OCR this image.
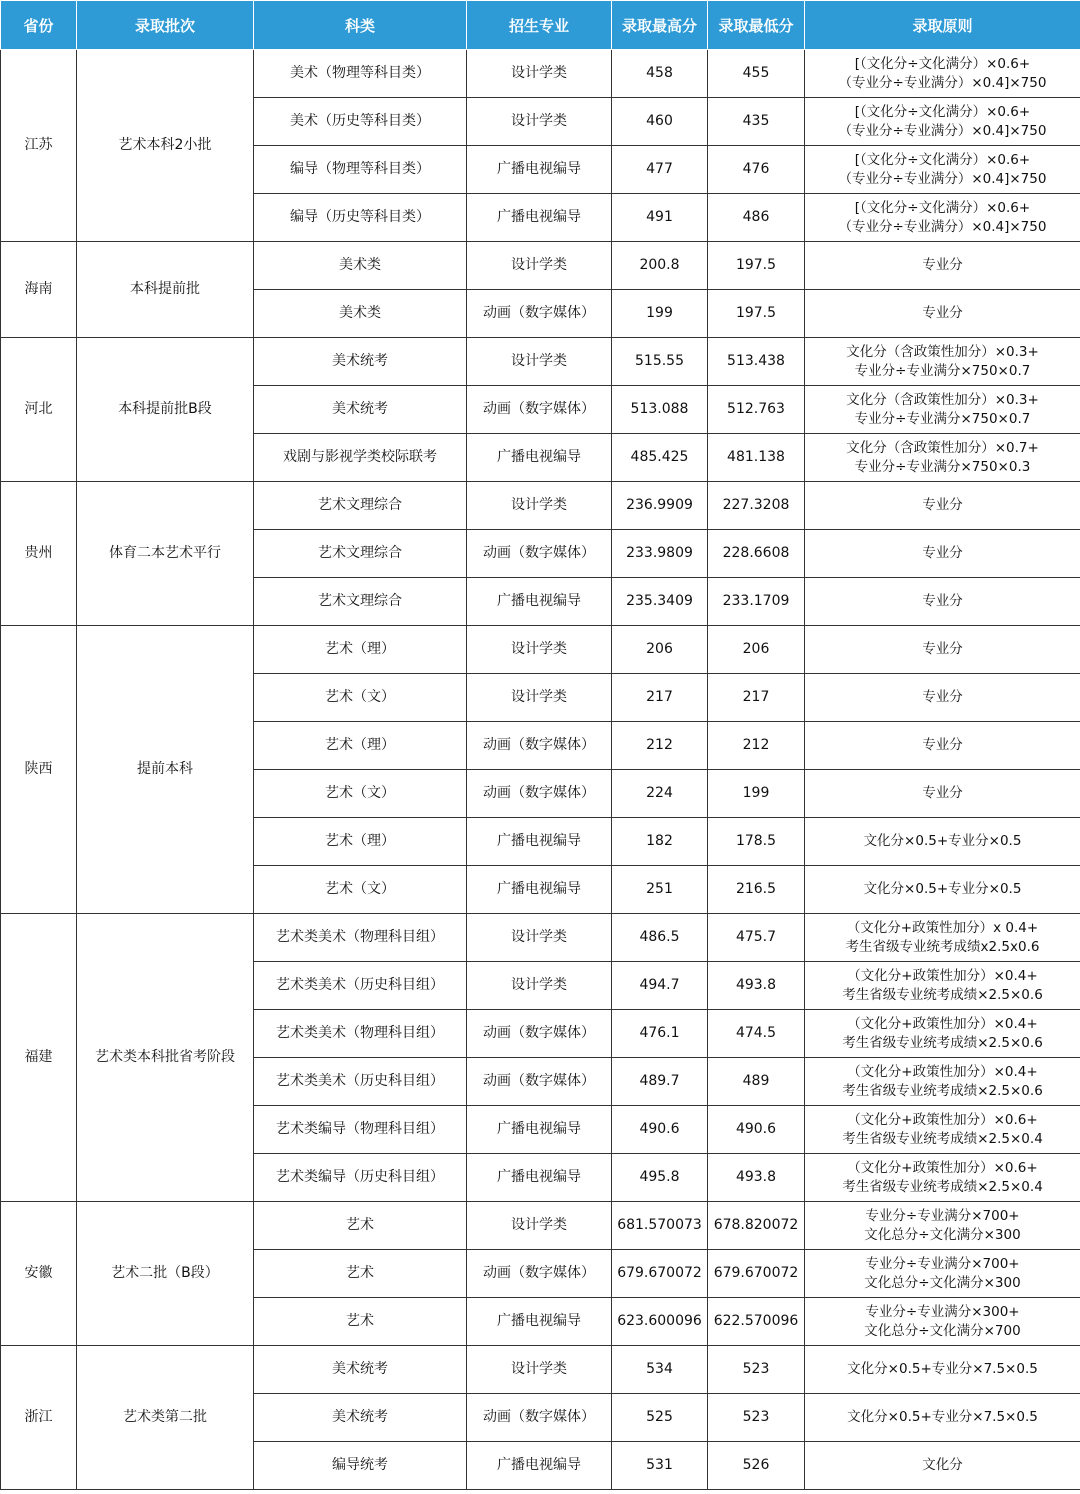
省份	录取批次	科类	招生专业	录取最高分	录取最低分	录取原则
江苏	艺术本科2小批	美术（物理等科目类）	设计学类	458	455	[（文化分÷文化满分）×0.6+
（专业分÷专业满分）×0.4]×750

		美术（历史等科目类）	设计学类	460	435	[（文化分÷文化满分）×0.6+
（专业分÷专业满分）×0.4]×750

		编导（物理等科目类）	广播电视编导	477	476	[（文化分÷文化满分）×0.6+
（专业分÷专业满分）×0.4]×750

		编导（历史等科目类）	广播电视编导	491	486	[（文化分÷文化满分）×0.6+
（专业分÷专业满分）×0.4]×750

海南	本科提前批	美术类	设计学类	200.8	197.5	专业分

		美术类	动画（数字媒体）	199	197.5	专业分

河北	本科提前批B段	美术统考	设计学类	515.55	513.438	文化分（含政策性加分）×0.3+
专业分÷专业满分×750×0.7

		美术统考	动画（数字媒体）	513.088	512.763	文化分（含政策性加分）×0.3+
专业分÷专业满分×750×0.7

		戏剧与影视学类校际联考	广播电视编导	485.425	481.138	文化分（含政策性加分）×0.7+
专业分÷专业满分×750×0.3

贵州	体育二本艺术平行	艺术文理综合	设计学类	236.9909	227.3208	专业分

		艺术文理综合	动画（数字媒体）	233.9809	228.6608	专业分

		艺术文理综合	广播电视编导	235.3409	233.1709	专业分

陕西	提前本科	艺术（理）	设计学类	206	206	专业分

		艺术（文）	设计学类	217	217	专业分

		艺术（理）	动画（数字媒体）	212	212	专业分

		艺术（文）	动画（数字媒体）	224	199	专业分

		艺术（理）	广播电视编导	182	178.5	文化分×0.5+专业分×0.5

		艺术（文）	广播电视编导	251	216.5	文化分×0.5+专业分×0.5

福建	艺术类本科批省考阶段	艺术类美术（物理科目组）	设计学类	486.5	475.7	（文化分+政策性加分）x 0.4+
考生省级专业统考成绩x2.5x0.6

		艺术类美术（历史科目组）	设计学类	494.7	493.8	（文化分+政策性加分）×0.4+
考生省级专业统考成绩×2.5×0.6

		艺术类美术（物理科目组）	动画（数字媒体）	476.1	474.5	（文化分+政策性加分）×0.4+
考生省级专业统考成绩×2.5×0.6

		艺术类美术（历史科目组）	动画（数字媒体）	489.7	489	（文化分+政策性加分）×0.4+
考生省级专业统考成绩×2.5×0.6

		艺术类编导（物理科目组）	广播电视编导	490.6	490.6	（文化分+政策性加分）×0.6+
考生省级专业统考成绩×2.5×0.4

		艺术类编导（历史科目组）	广播电视编导	495.8	493.8	（文化分+政策性加分）×0.6+
考生省级专业统考成绩×2.5×0.4

安徽	艺术二批（B段）	艺术	设计学类	681.570073	678.820072	专业分÷专业满分×700+
文化总分÷文化满分×300

		艺术	动画（数字媒体）	679.670072	679.670072	专业分÷专业满分×700+
文化总分÷文化满分×300

		艺术	广播电视编导	623.600096	622.570096	专业分÷专业满分×300+
文化总分÷文化满分×700

浙江	艺术类第二批	美术统考	设计学类	534	523	文化分×0.5+专业分×7.5×0.5

		美术统考	动画（数字媒体）	525	523	文化分×0.5+专业分×7.5×0.5

		编导统考	广播电视编导	531	526	文化分
